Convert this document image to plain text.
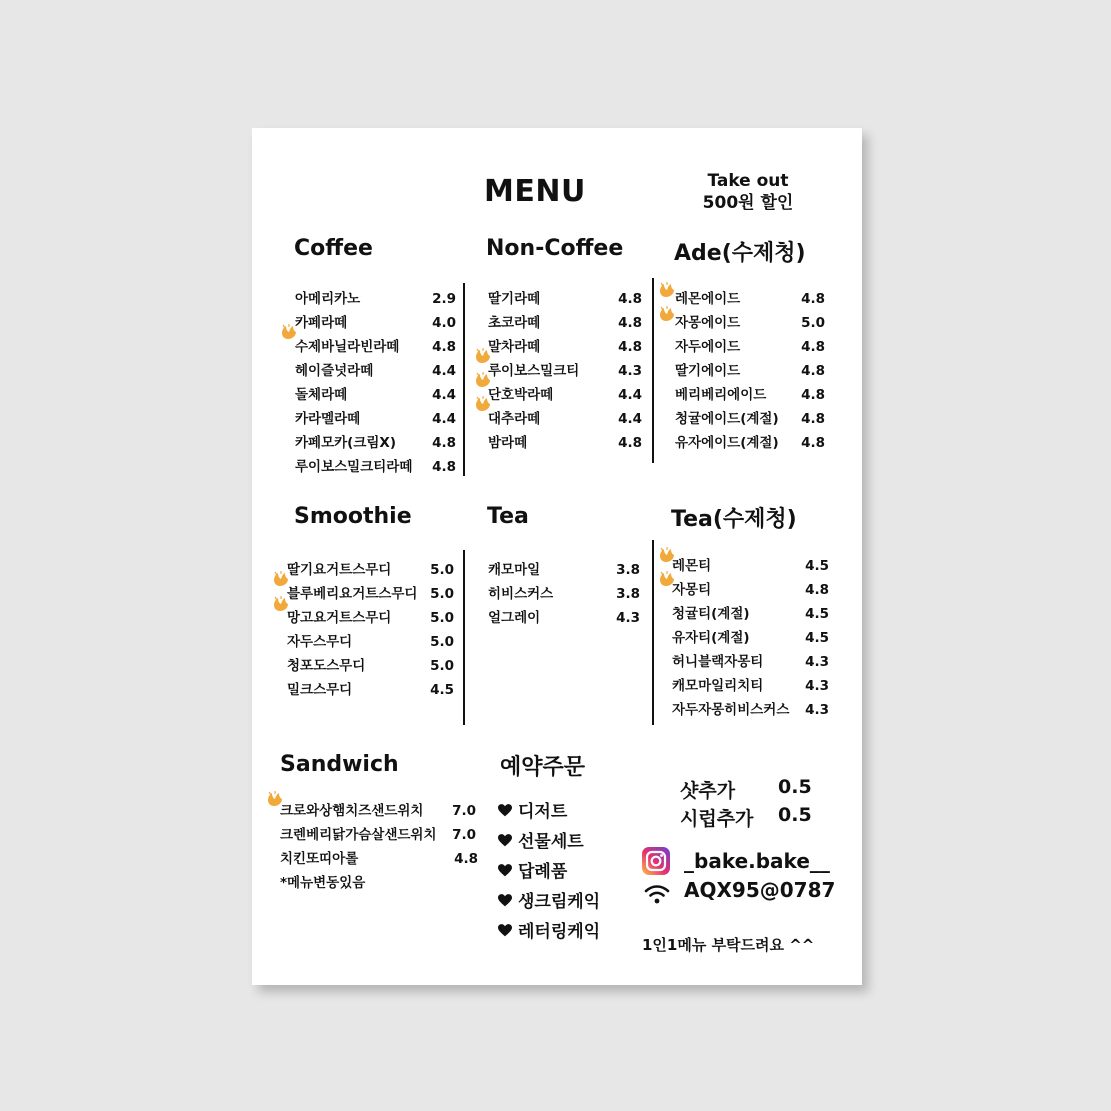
MENU	Take out
500원 할인
Coffee	Non-Coffee Ade(수제청)
Smoothie	Tea	Tea(수제청)
Sandwich	예약주문
아메리카노	2.9
카페라떼	4.0
수제바닐라빈라떼	4.8
헤이즐넛라떼	4.4
돌체라떼	4.4
카라멜라떼	4.4
카페모카(크림X)	4.8
루이보스밀크티라떼	4.8
딸기라떼	4.8
초코라떼	4.8
말차라떼	4.8
루이보스밀크티	4.3
단호박라떼	4.4
대추라떼	4.4
밤라떼	4.8
레몬에이드	4.8
자몽에이드	5.0
자두에이드	4.8
딸기에이드	4.8
베리베리에이드	4.8
청귤에이드(계절)	4.8
유자에이드(계절)	4.8
딸기요거트스무디	5.0
블루베리요거트스무디 5.0
망고요거트스무디	5.0
자두스무디	5.0
청포도스무디	5.0
밀크스무디	4.5
캐모마일	3.8
히비스커스	3.8
얼그레이	4.3
레몬티	4.5
자몽티	4.8
청귤티(계절)	4.5
유자티(계절)	4.5
허니블랙자몽티	4.3
캐모마일리치티	4.3
자두자몽히비스커스	4.3
크로와상햄치즈샌드위치	7.0
크렌베리닭가슴살샌드위치	7.0
치킨또띠아롤	4.8
*메뉴변동있음
디저트
선물세트
답례품
생크림케익
레터링케익
샷추가 0.5
시럽추가 0.5
_bake.bake__
AQX95@0787
1인1메뉴 부탁드려요 ^^
